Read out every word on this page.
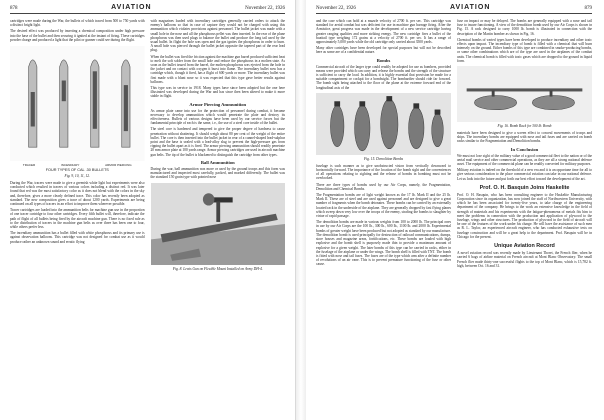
878	AVIATION	November 22, 1926

cartridges were made during the War, the bullets of which traced from 500 to 750 yards with a distinct bright light.

The desired effect was produced by inserting a chemical composition under high pressure into the base of the bullet and then securing it ignited at the instant of firing. These cartridges powder charge and produced a light that the pilot or gunner could see during the flight.

TRACER	INCENDIARY	ARMOR PIERCING
FOUR TYPES OF CAL .30 BULLETS
Fig. 9, 10, 11, 12.

During the War, tracers were made to give a greenish white light but experiments were also conducted which resulted in tracers of various colors including a distinct red. It was later found that red was the most satisfactory color as it does not blend with the colors in the sky and, therefore, gives a more clearly defined trace. This color has recently been adopted as standard. The new composition gives a trace of about 1200 yards. Experiments are being continued on all types of tracers in an effort to improve them wherever possible.

Tracer cartridges are loaded into the ammunition belts for machine gun use in the proportion of one tracer cartridge to four other cartridges. Every fifth bullet will, therefore, indicate the path of flight of all bullets being fired by the aircraft machine gun. There is no fixed rule as to the distribution of tracers in the machine gun belts as over three has been one to four, while others prefer less.

The incendiary ammunition has a bullet filled with white phosphorus and its primary use is against observation balloons. This cartridge was not designed for combat use as it would produce rather an unknown sound and erratic flying

with magazines loaded with incendiary cartridges generally carried orders to attack the enemy's balloons so that in case of capture they would not be charged with using this ammunition which violates provisions against personnel. The bullet jacket was made with a small hole in the nose and all the phosphorus pellet was then inserted. In the rear of the plane phosphorus was then used plugs to balance the bullet and produce the long tail used by the usual bullet. In flight the hole was open and the gas ignites the phosphorus in order to burn. A small hole was pierced through the ballet jacket opposite the tapered part of the rear lead plug.

When the bullet was fired the friction against the machine gun barrel produced sufficient heat to melt the soft solder from the small hole and reduce the phosphorus in a molten state. As soon as the bullet issued from the barrel, the molten phosphorus was ejected from the hole in the jacket and on contact with oxygen it burst into flame. The incendiary bullet now has a cartridge which, though it fired, has a flight of 600 yards or more. The incendiary bullet was first made with a blunt nose so it was expected that this type gave better results against balloons.

This type was in service in 1918. Many types have since been adopted but the one here illustrated was developed during the War and has since then been altered to make it more stable in flight.

Armor Piercing Ammunition

As armor plate came into use for the protection of personnel during combat, it became necessary to develop ammunition which would penetrate the plate and destroy its effectiveness. Bullets of various designs have been used by our service forces but the fundamental principle of each is the same, i.e., the use of a steel core inside of the bullet.

The steel core is hardened and tempered to give the proper degree of hardness to cause penetration without shattering. It should weigh about 80 per cent of the weight of the entire bullet. The core is then inserted into the bullet jacket in rear of a cannel-shaped lead-sulphur point and the base is sealed with a lead-alloy slug to prevent the high-pressure gas from ripping the bullet apart as it is fired. The armor piercing ammunition should readily penetrate 20 mm armor plate at 100 yards range. Armor piercing cartridges are used in aircraft machine gun belts. The tip of the bullet is blackened to distinguish the cartridge from other types.

Ball Ammunition

During the war, ball ammunition was more or used by the ground troops and this form was manufactured and inspected most carefully, packed, and marked differently. The bullet was the standard 150 grain type with pointed nose

Fig. 8. Lewis Gun on Flexible Mount Installed on Army DH-4.
November 22, 1926	AVIATION	879

and the case which can hold at a muzzle velocity of 2700 ft. per sec. This cartridge was standard for aerial combat but was deficient for use in machine gun barrage firing. After the Armistice, great progress was made in the development of a new service cartridge having greater ranging qualities and more striking energy. The new cartridge fires a bullet of the boattail type weighing 172 grains at a velocity of 2700 ft. per sec. It has a range of approximately 5,000 yards while the old cartridge only carried about 3500 yards.

Many other cartridges have been developed for special purposes but will not be described here as some are of a confidential nature.

Bombs

Commercial aircraft of the larger type could readily be adopted for use as bombers, provided means were provided which can carry and release the bombs and the strength of the structure is sufficient to carry the load. In addition, it is highly essential that provision be made for a suitable compartment or cockpit for a bombsight. The bombardier should ride far forward. The bomb sight being attached to the floor of the plane at the extreme forward end of the longitudinal axis of the

Fig. 15. Demolition Bombs

fuselage is such manner as to give unobstructed vision from vertically downward to horizontally forward. The importance of the location of the bomb sight and the conveniences of all operations relating to sighting and the release of bombs in bombing must not be overlooked.

There are three types of bombs used by our Air Corps, namely, the Fragmentation, Demolition and Chemical Bombs.

The Fragmentation bombs are of light weight known as the 17 lb. Mark II and the 25 lb. Mark II. These are of steel and are used against personnel and are designed to give a great number of fragments when the bomb detonates. These bombs can be carried by an externally located rack in the underside of the airplane. They are generally dropped by fast flying planes which sweep down very low over the troops of the enemy, strafing the bombs to slaughter by virtue of rapid passage.

The demolition bombs are made in various weights from 100 to 2000 lb. The principal ones in use by our Air Corps are the 100 lb., 300 lb., 600 lb., 1100 lb. and 2000 lb. Experimental bombs of greater weight have been produced but not adopted as standard by our manufacture. The demolition bomb is used principally for destruction of railroad communications, dumps, store houses and magazine areas, fortifications, etc. These bombs are loaded with high explosive and the bomb shell is purposely made thin to provide a maximum amount of explosive for a given weight. The later bombs of this type can be carried in racks, either in the fuselage of the airplane or under the wings. The bomb shell is filled with TNT. The bomb is fitted with nose and tail fuses. The fuses are of the type which arm after a definite number of revolutions of an air vane. This is to prevent premature functioning of the fuse or other cause.

fuse on impact or may be delayed. The bombs are generally equipped with a nose and tail fuse to insure functioning. A view of the demolition bomb used by our Air Corps is shown in Fig. 15. A rack designed to carry 1000 lb. bomb is illustrated in connection with the description of the Martin bomber as shown in Fig. 16.

Chemical bombs of varied types have been developed to produce incendiary and other toxic effects upon impact. The incendiary type of bomb is filled with a chemical that will burn intensely on the ground. Either bombs of this type are combined in smoke-producing bombs, or some other combinations which are of the type are used in the airplanes of the combat units. The chemical bomb is filled with toxic gases which are dropped to the ground in liquid form.

Fig. 16. Bomb Rack for 300 lb. Bomb

materials have been designed to give a screen effect to conceal movements of troops and ships. The incendiary bombs are equipped with nose and tail fuses and are carried on bomb racks similar to the Fragmentation and Demolition bombs.

In Conclusion

We must not lose sight of the military value of a good commercial fleet to the nation or of the aerial mail service and other commercial operations, as they are all a strong national defence asset. The equipment of the commercial plane can be readily converted for military purposes.

Military aviation is indeed on the threshold of a new era and it is an opportune time for all to give serious consideration to the place commercial aviation can take in our national defence. Let us look into the future and put forth our best effort toward the development of the art.

Prof. O. H. Basquin Joins Haskelite

Prof. O. H. Basquin, who has been consulting engineer to the Haskelite Manufacturing Corporation since its organization, has now joined the staff of Northwestern University, with which he has been associated for twenty-five years, to take charge of the engineering department of the company. He brings to the work an extensive knowledge in the field of strength of materials and his experiments with the fatigue-phenomena of metals fits him to meet the problems in connection with the production and application of plywood to the fuselage, wings and other structures. The production of plywood in the field of aircraft will be one of the features of the work under his charge. He will have the assistance of such men as R. L. Taylor, an experienced aircraft engineer, who has conducted exhaustive tests on fuselage construction and will be a great help to the department. Prof. Basquin will be in Chicago for the present.

Unique Aviation Record

A novel aviation record was recently made by Lieutenant Thoret, the French flier, when he carried 6 bags of airline material on French aircraft at Mont Blanc Observatory. The small French flier made thirty-one successful flights to the top of Mont Blanc, which is 15,782 ft. high, between Oct. 16 and 31.
